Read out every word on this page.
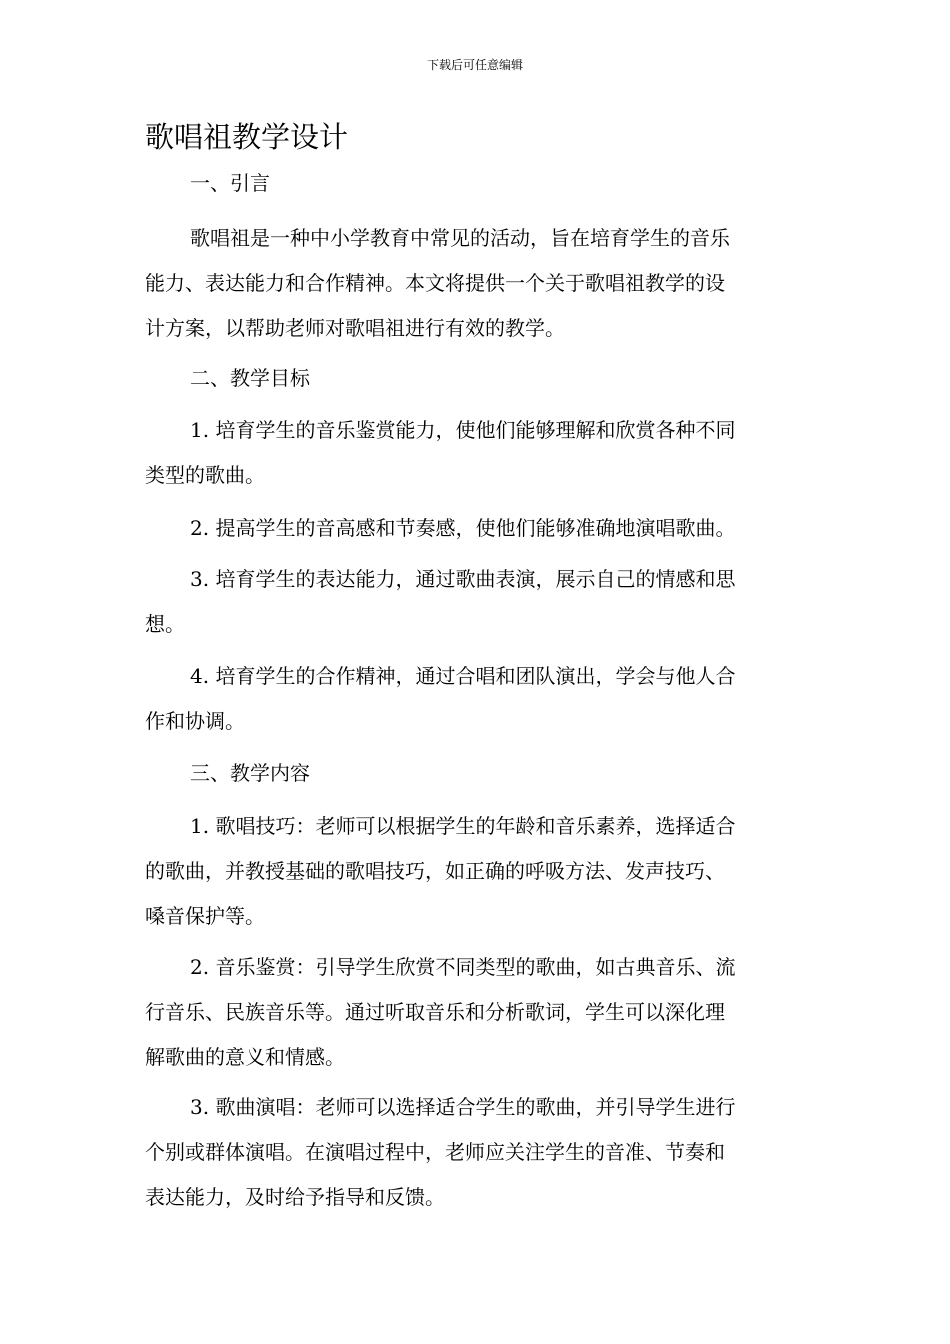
下载后可任意编辑
歌唱祖教学设计

一、引言

歌唱祖是一种中小学教育中常见的活动，旨在培育学生的音乐
能力、表达能力和合作精神。本文将提供一个关于歌唱祖教学的设
计方案，以帮助老师对歌唱祖进行有效的教学。

二、教学目标

1. 培育学生的音乐鉴赏能力，使他们能够理解和欣赏各种不同
类型的歌曲。

2. 提高学生的音高感和节奏感，使他们能够准确地演唱歌曲。

3. 培育学生的表达能力，通过歌曲表演，展示自己的情感和思
想。

4. 培育学生的合作精神，通过合唱和团队演出，学会与他人合
作和协调。

三、教学内容

1. 歌唱技巧：老师可以根据学生的年龄和音乐素养，选择适合
的歌曲，并教授基础的歌唱技巧，如正确的呼吸方法、发声技巧、
嗓音保护等。

2. 音乐鉴赏：引导学生欣赏不同类型的歌曲，如古典音乐、流
行音乐、民族音乐等。通过听取音乐和分析歌词，学生可以深化理
解歌曲的意义和情感。

3. 歌曲演唱：老师可以选择适合学生的歌曲，并引导学生进行
个别或群体演唱。在演唱过程中，老师应关注学生的音准、节奏和
表达能力，及时给予指导和反馈。
